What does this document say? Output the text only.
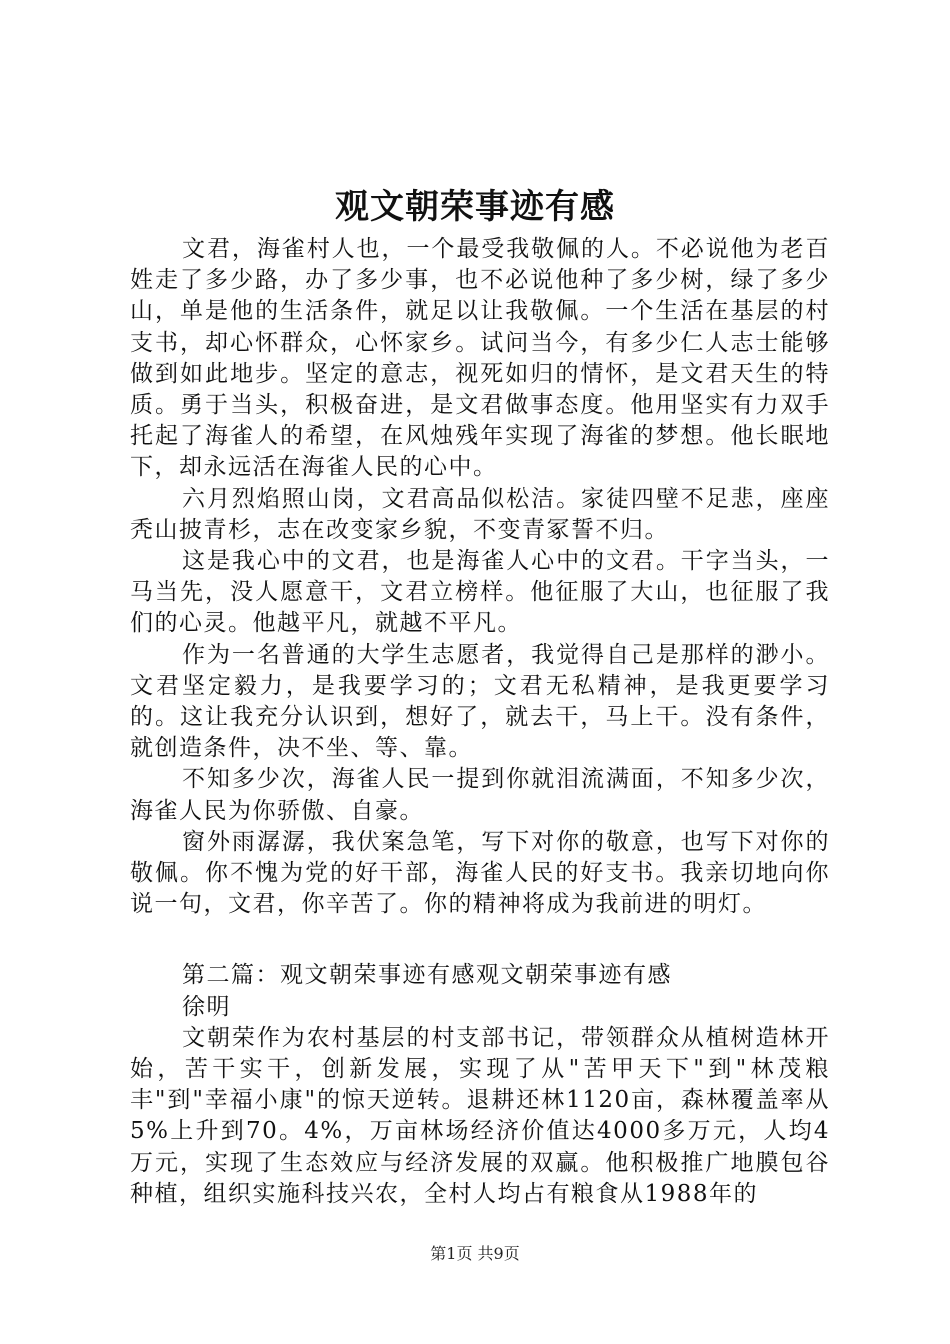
观文朝荣事迹有感

文君，海雀村人也，一个最受我敬佩的人。不必说他为老百姓走了多少路，办了多少事，也不必说他种了多少树，绿了多少山，单是他的生活条件，就足以让我敬佩。一个生活在基层的村支书，却心怀群众，心怀家乡。试问当今，有多少仁人志士能够做到如此地步。坚定的意志，视死如归的情怀，是文君天生的特质。勇于当头，积极奋进，是文君做事态度。他用坚实有力双手托起了海雀人的希望，在风烛残年实现了海雀的梦想。他长眠地下，却永远活在海雀人民的心中。

六月烈焰照山岗，文君高品似松洁。家徒四壁不足悲，座座秃山披青杉，志在改变家乡貌，不变青冢誓不归。

这是我心中的文君，也是海雀人心中的文君。干字当头，一马当先，没人愿意干，文君立榜样。他征服了大山，也征服了我们的心灵。他越平凡，就越不平凡。

作为一名普通的大学生志愿者，我觉得自己是那样的渺小。文君坚定毅力，是我要学习的；文君无私精神，是我更要学习的。这让我充分认识到，想好了，就去干，马上干。没有条件，就创造条件，决不坐、等、靠。

不知多少次，海雀人民一提到你就泪流满面，不知多少次，海雀人民为你骄傲、自豪。

窗外雨潺潺，我伏案急笔，写下对你的敬意，也写下对你的敬佩。你不愧为党的好干部，海雀人民的好支书。我亲切地向你说一句，文君，你辛苦了。你的精神将成为我前进的明灯。

第二篇：观文朝荣事迹有感观文朝荣事迹有感

徐明

文朝荣作为农村基层的村支部书记，带领群众从植树造林开始，苦干实干，创新发展，实现了从"苦甲天下"到"林茂粮丰"到"幸福小康"的惊天逆转。退耕还林1120亩，森林覆盖率从5%上升到70。4%，万亩林场经济价值达4000多万元，人均4万元，实现了生态效应与经济发展的双赢。他积极推广地膜包谷种植，组织实施科技兴农，全村人均占有粮食从1988年的

第1页 共9页
